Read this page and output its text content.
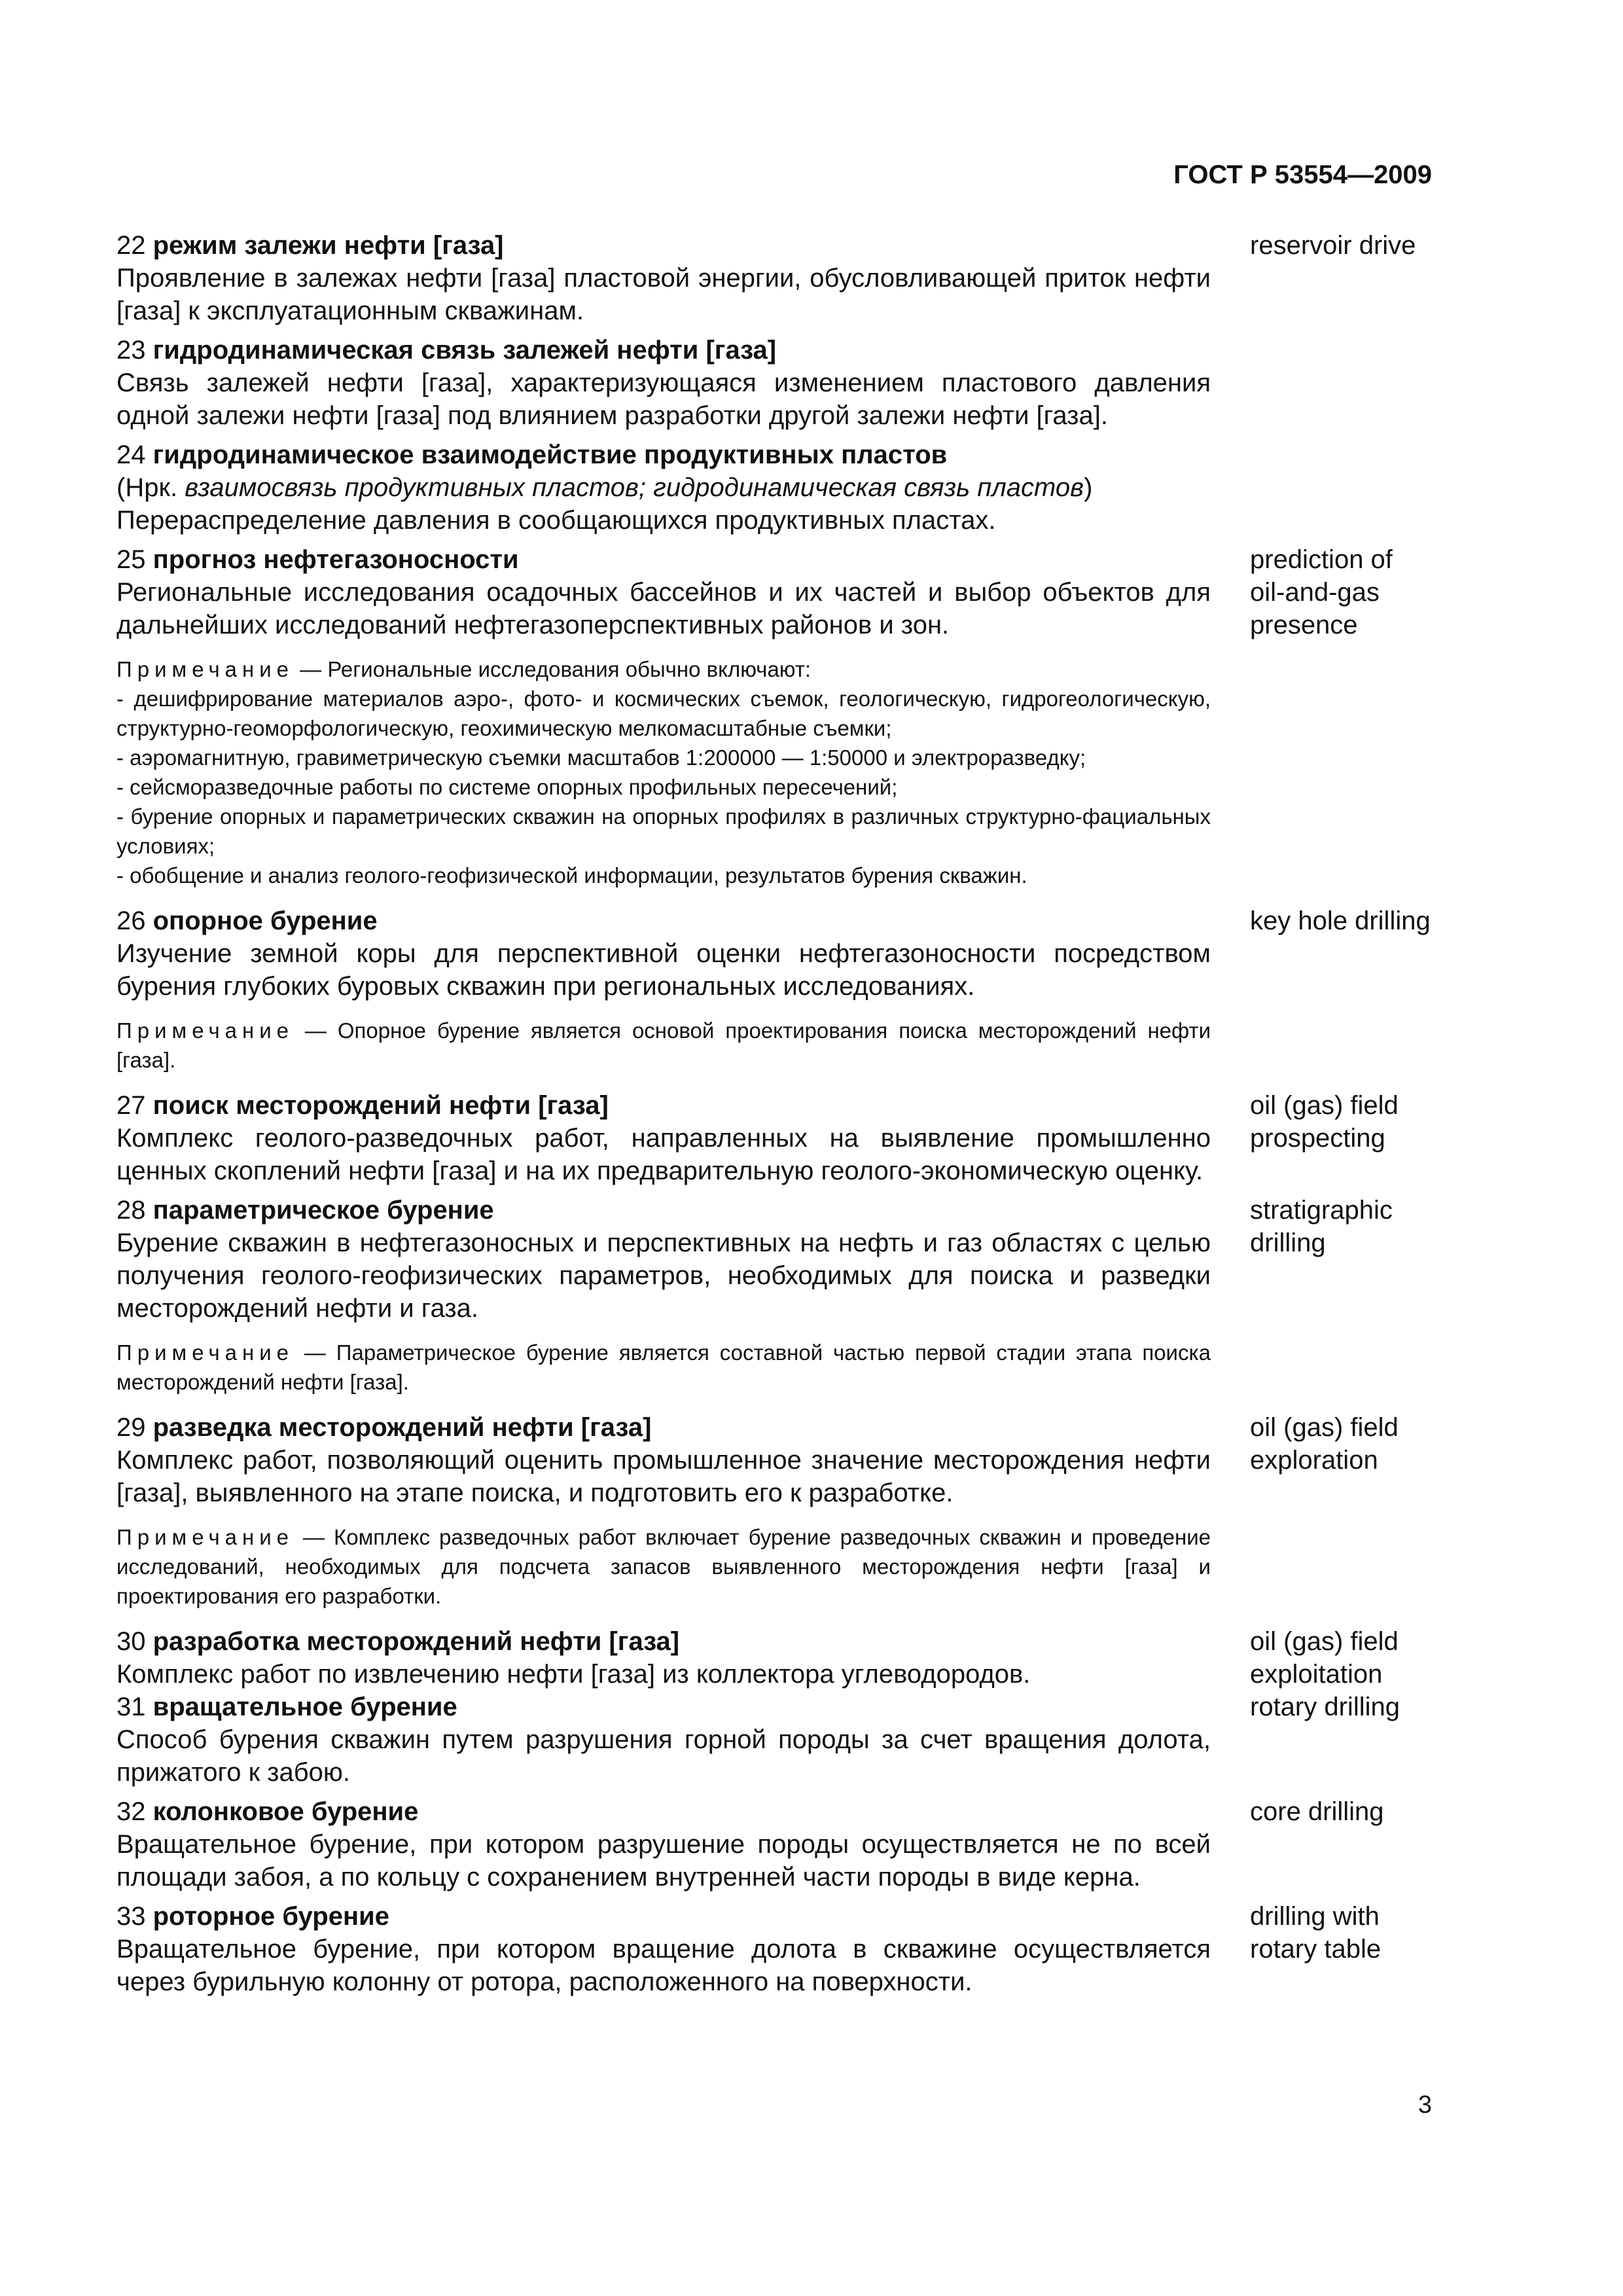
ГОСТ Р 53554—2009
22 режим залежи нефти [газа]
Проявление в залежах нефти [газа] пластовой энергии, обусловливающей приток нефти [газа] к эксплуатационным скважинам.
reservoir drive
23 гидродинамическая связь залежей нефти [газа]
Связь залежей нефти [газа], характеризующаяся изменением пластового давления одной залежи нефти [газа] под влиянием разработки другой залежи нефти [газа].
24 гидродинамическое взаимодействие продуктивных пластов
(Нрк. взаимосвязь продуктивных пластов; гидродинамическая связь пластов)
Перераспределение давления в сообщающихся продуктивных пластах.
25 прогноз нефтегазоносности
Региональные исследования осадочных бассейнов и их частей и выбор объектов для дальнейших исследований нефтегазоперспективных районов и зон.
prediction of
oil-and-gas
presence
Примечание — Региональные исследования обычно включают:
- дешифрирование материалов аэро-, фото- и космических съемок, геологическую, гидрогеологическую, структурно-геоморфологическую, геохимическую мелкомасштабные съемки;
- аэромагнитную, гравиметрическую съемки масштабов 1:200000 — 1:50000 и электроразведку;
- сейсморазведочные работы по системе опорных профильных пересечений;
- бурение опорных и параметрических скважин на опорных профилях в различных структурно-фациальных условиях;
- обобщение и анализ геолого-геофизической информации, результатов бурения скважин.
26 опорное бурение
Изучение земной коры для перспективной оценки нефтегазоносности посредством бурения глубоких буровых скважин при региональных исследованиях.
key hole drilling
Примечание — Опорное бурение является основой проектирования поиска месторождений нефти [газа].
27 поиск месторождений нефти [газа]
Комплекс геолого-разведочных работ, направленных на выявление промышленно ценных скоплений нефти [газа] и на их предварительную геолого-экономическую оценку.
oil (gas) field
prospecting
28 параметрическое бурение
Бурение скважин в нефтегазоносных и перспективных на нефть и газ областях с целью получения геолого-геофизических параметров, необходимых для поиска и разведки месторождений нефти и газа.
stratigraphic
drilling
Примечание — Параметрическое бурение является составной частью первой стадии этапа поиска месторождений нефти [газа].
29 разведка месторождений нефти [газа]
Комплекс работ, позволяющий оценить промышленное значение месторождения нефти [газа], выявленного на этапе поиска, и подготовить его к разработке.
oil (gas) field
exploration
Примечание — Комплекс разведочных работ включает бурение разведочных скважин и проведение исследований, необходимых для подсчета запасов выявленного месторождения нефти [газа] и проектирования его разработки.
30 разработка месторождений нефти [газа]
Комплекс работ по извлечению нефти [газа] из коллектора углеводородов.
oil (gas) field
exploitation
31 вращательное бурение
Способ бурения скважин путем разрушения горной породы за счет вращения долота, прижатого к забою.
rotary drilling
32 колонковое бурение
Вращательное бурение, при котором разрушение породы осуществляется не по всей площади забоя, а по кольцу с сохранением внутренней части породы в виде керна.
core drilling
33 роторное бурение
Вращательное бурение, при котором вращение долота в скважине осуществляется через бурильную колонну от ротора, расположенного на поверхности.
drilling with
rotary table
3
